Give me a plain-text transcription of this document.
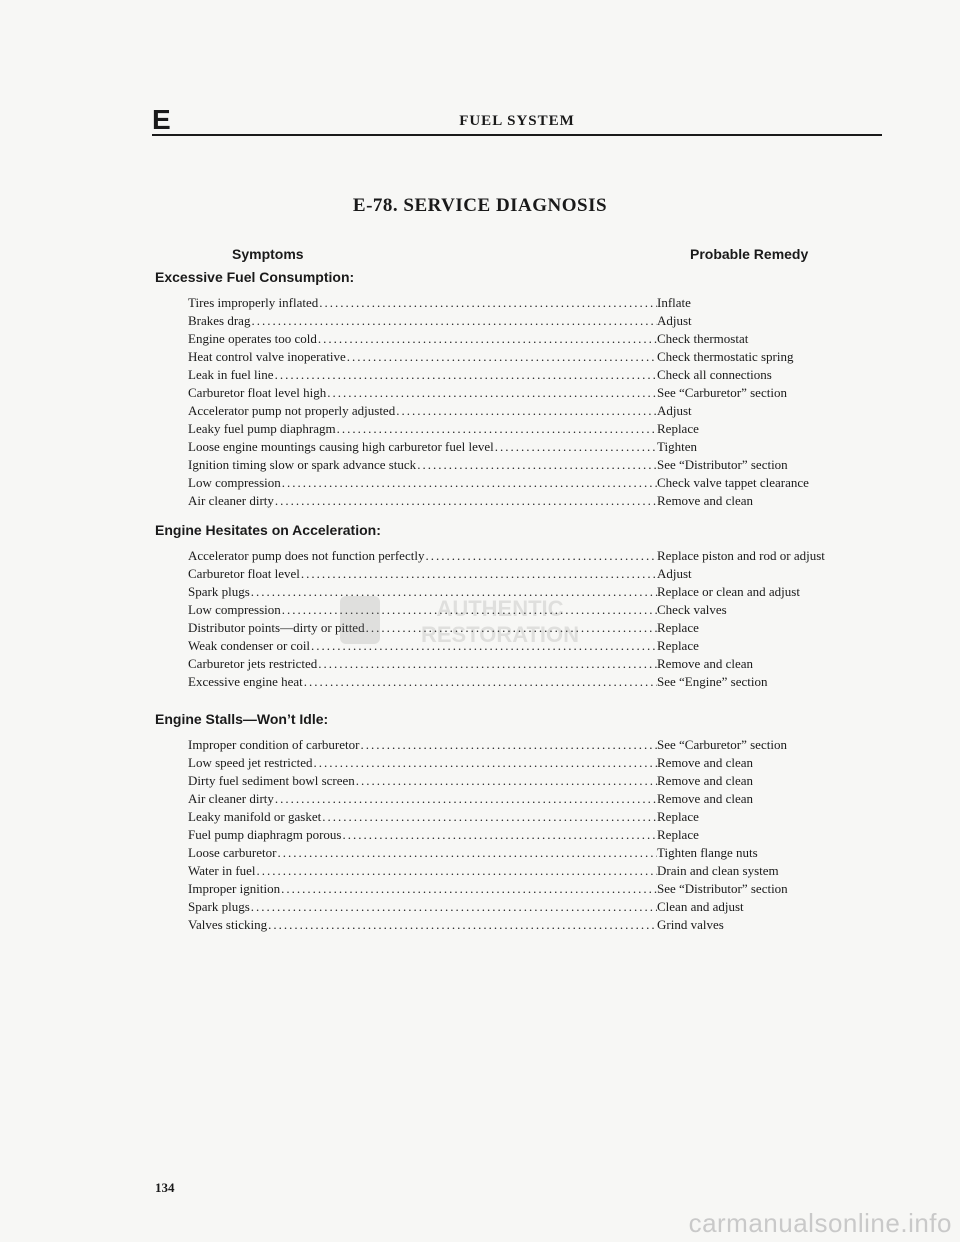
E	FUEL SYSTEM
E-78. SERVICE DIAGNOSIS
Symptoms	Probable Remedy
Excessive Fuel Consumption:
Tires improperly inflated .....	Inflate
Brakes drag .....	Adjust
Engine operates too cold .....	Check thermostat
Heat control valve inoperative .....	Check thermostatic spring
Leak in fuel line .....	Check all connections
Carburetor float level high .....	See “Carburetor” section
Accelerator pump not properly adjusted .....	Adjust
Leaky fuel pump diaphragm .....	Replace
Loose engine mountings causing high carburetor fuel level .....	Tighten
Ignition timing slow or spark advance stuck .....	See “Distributor” section
Low compression .....	Check valve tappet clearance
Air cleaner dirty .....	Remove and clean
Engine Hesitates on Acceleration:
Accelerator pump does not function perfectly .....	Replace piston and rod or adjust
Carburetor float level .....	Adjust
Spark plugs .....	Replace or clean and adjust
Low compression .....	Check valves
Distributor points—dirty or pitted .....	Replace
Weak condenser or coil .....	Replace
Carburetor jets restricted .....	Remove and clean
Excessive engine heat .....	See “Engine” section
Engine Stalls—Won’t Idle:
Improper condition of carburetor .....	See “Carburetor” section
Low speed jet restricted .....	Remove and clean
Dirty fuel sediment bowl screen .....	Remove and clean
Air cleaner dirty .....	Remove and clean
Leaky manifold or gasket .....	Replace
Fuel pump diaphragm porous .....	Replace
Loose carburetor .....	Tighten flange nuts
Water in fuel .....	Drain and clean system
Improper ignition .....	See “Distributor” section
Spark plugs .....	Clean and adjust
Valves sticking .....	Grind valves
AUTHENTIC
RESTORATION
134
carmanualsonline.info
